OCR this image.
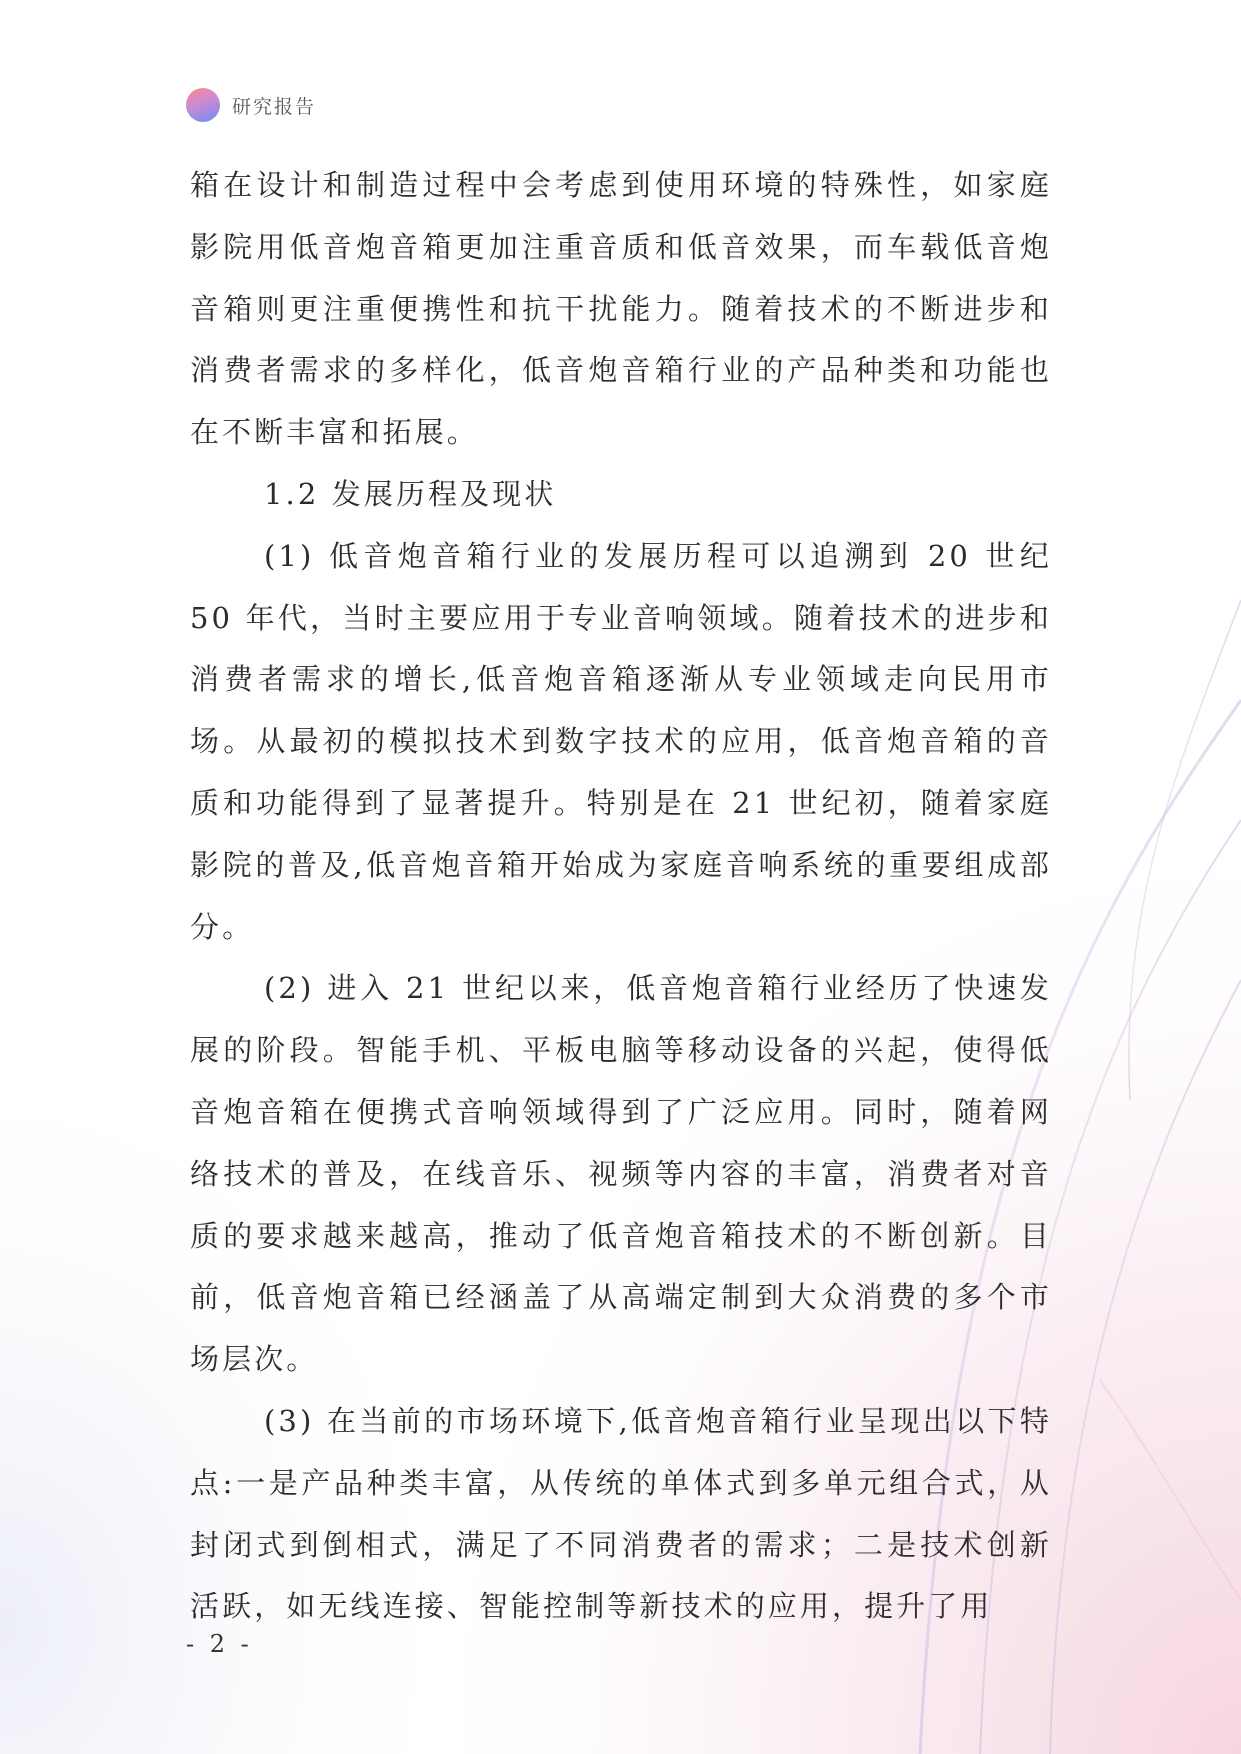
研究报告

箱在设计和制造过程中会考虑到使用环境的特殊性，如家庭影院用低音炮音箱更加注重音质和低音效果，而车载低音炮音箱则更注重便携性和抗干扰能力。随着技术的不断进步和消费者需求的多样化，低音炮音箱行业的产品种类和功能也在不断丰富和拓展。

1.2 发展历程及现状

(1) 低音炮音箱行业的发展历程可以追溯到 20 世纪 50 年代，当时主要应用于专业音响领域。随着技术的进步和消费者需求的增长,低音炮音箱逐渐从专业领域走向民用市场。从最初的模拟技术到数字技术的应用，低音炮音箱的音质和功能得到了显著提升。特别是在 21 世纪初，随着家庭影院的普及,低音炮音箱开始成为家庭音响系统的重要组成部分。

(2) 进入 21 世纪以来，低音炮音箱行业经历了快速发展的阶段。智能手机、平板电脑等移动设备的兴起，使得低音炮音箱在便携式音响领域得到了广泛应用。同时，随着网络技术的普及，在线音乐、视频等内容的丰富，消费者对音质的要求越来越高，推动了低音炮音箱技术的不断创新。目前，低音炮音箱已经涵盖了从高端定制到大众消费的多个市场层次。

(3) 在当前的市场环境下,低音炮音箱行业呈现出以下特点:一是产品种类丰富，从传统的单体式到多单元组合式，从封闭式到倒相式，满足了不同消费者的需求；二是技术创新活跃，如无线连接、智能控制等新技术的应用，提升了用

- 2 -
